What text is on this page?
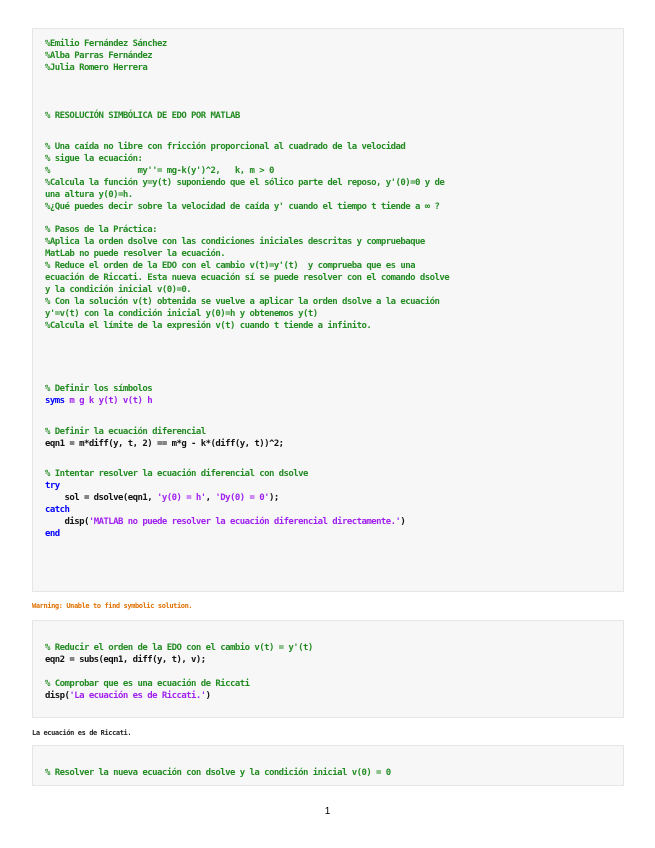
%Emilio Fernández Sánchez
%Alba Parras Fernández
%Julia Romero Herrera
% RESOLUCIÓN SIMBÓLICA DE EDO POR MATLAB
% Una caída no libre con fricción proporcional al cuadrado de la velocidad
% sigue la ecuación:
%                  my''= mg-k(y')^2,   k, m > 0
%Calcula la función y=y(t) suponiendo que el sólico parte del reposo, y'(0)=0 y de
una altura y(0)=h.
%¿Qué puedes decir sobre la velocidad de caída y' cuando el tiempo t tiende a ∞ ?
% Pasos de la Práctica:
%Aplica la orden dsolve con las condiciones iniciales descritas y compruebaque
MatLab no puede resolver la ecuación.
% Reduce el orden de la EDO con el cambio v(t)=y'(t)  y comprueba que es una
ecuación de Riccati. Esta nueva ecuación sí se puede resolver con el comando dsolve
y la condición inicial v(0)=0.
% Con la solución v(t) obtenida se vuelve a aplicar la orden dsolve a la ecuación
y'=v(t) con la condición inicial y(0)=h y obtenemos y(t)
%Calcula el límite de la expresión v(t) cuando t tiende a infinito.
% Definir los símbolos
syms m g k y(t) v(t) h
% Definir la ecuación diferencial
eqn1 = m*diff(y, t, 2) == m*g - k*(diff(y, t))^2;
% Intentar resolver la ecuación diferencial con dsolve
try
sol = dsolve(eqn1, 'y(0) = h', 'Dy(0) = 0');
catch
disp('MATLAB no puede resolver la ecuación diferencial directamente.')
end
Warning: Unable to find symbolic solution.
% Reducir el orden de la EDO con el cambio v(t) = y'(t)
eqn2 = subs(eqn1, diff(y, t), v);
% Comprobar que es una ecuación de Riccati
disp('La ecuación es de Riccati.')
La ecuación es de Riccati.
% Resolver la nueva ecuación con dsolve y la condición inicial v(0) = 0
1
